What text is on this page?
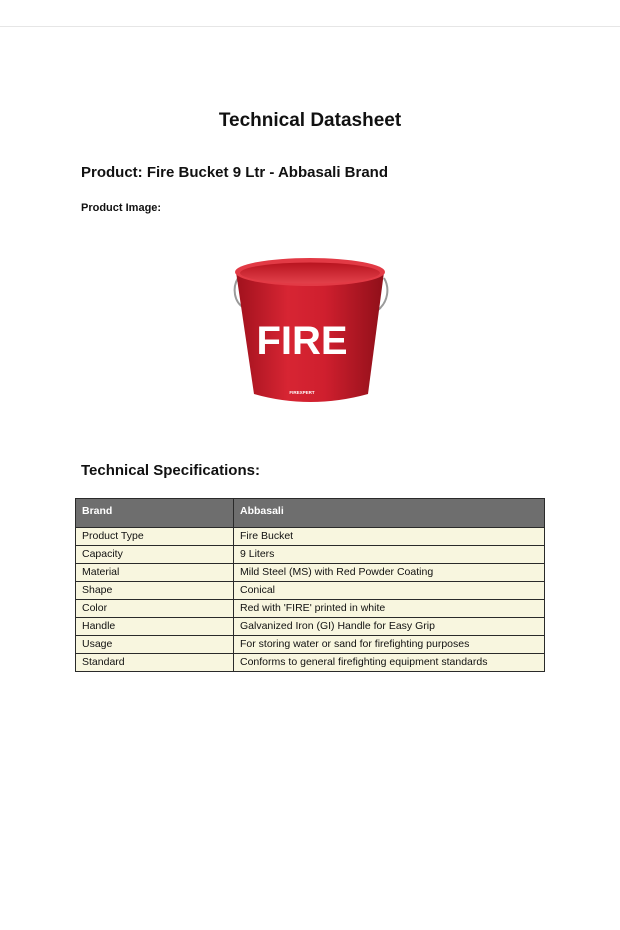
Technical Datasheet
Product: Fire Bucket 9 Ltr - Abbasali Brand
Product Image:
FIRE
FIREXPERT
Technical Specifications:
Brand	Abbasali
Product Type	Fire Bucket
Capacity	9 Liters
Material	Mild Steel (MS) with Red Powder Coating
Shape	Conical
Color	Red with 'FIRE' printed in white
Handle	Galvanized Iron (GI) Handle for Easy Grip
Usage	For storing water or sand for firefighting purposes
Standard	Conforms to general firefighting equipment standards
